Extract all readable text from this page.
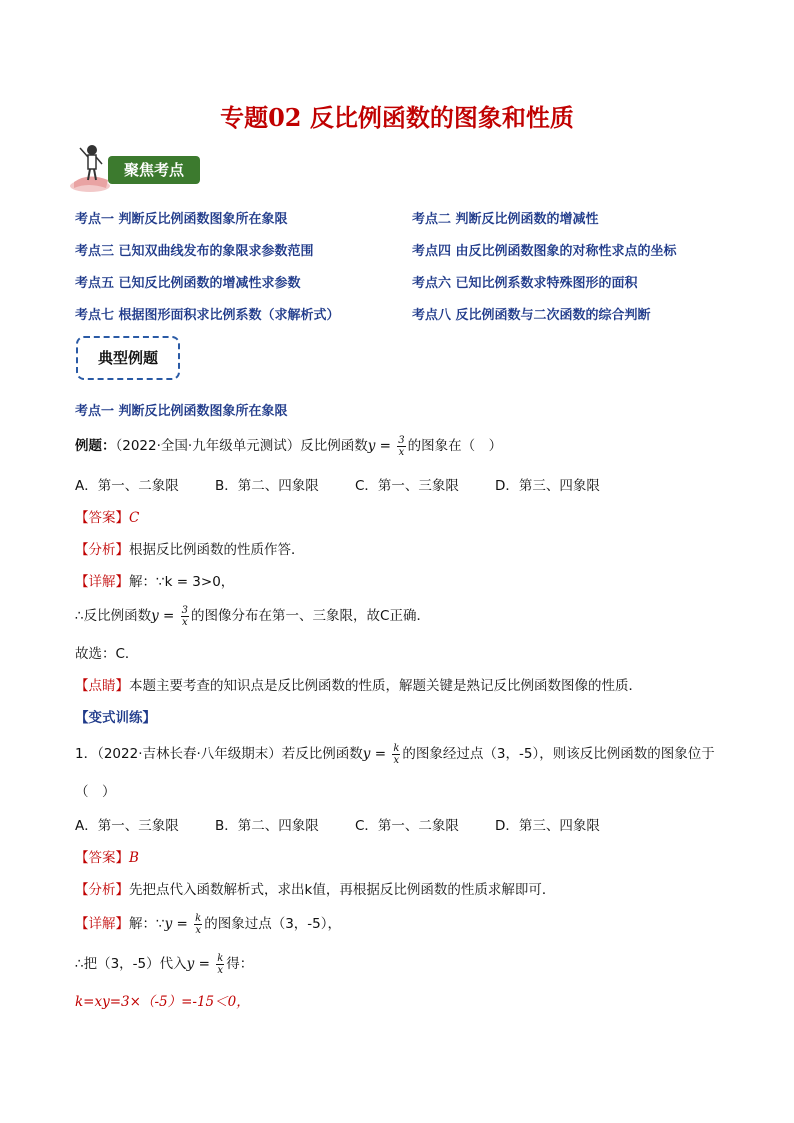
专题02 反比例函数的图象和性质
聚焦考点
考点一 判断反比例函数图象所在象限	考点二 判断反比例函数的增减性
考点三 已知双曲线发布的象限求参数范围	考点四 由反比例函数图象的对称性求点的坐标
考点五 已知反比例函数的增减性求参数	考点六 已知比例系数求特殊图形的面积
考点七 根据图形面积求比例系数（求解析式）	考点八 反比例函数与二次函数的综合判断
典型例题
考点一 判断反比例函数图象所在象限
例题：（2022·全国·九年级单元测试）反比例函数$y = \frac{3}{x}$ 的图象在（　）
A．第一、二象限	B．第二、四象限	C．第一、三象限	D．第三、四象限
【答案】C
【分析】根据反比例函数的性质作答．
【详解】解：∵k = 3>0，
∴反比例函数$y = \frac{3}{x}$ 的图像分布在第一、三象限，故C正确．
故选：C．
【点睛】本题主要考查的知识点是反比例函数的性质，解题关键是熟记反比例函数图像的性质．
【变式训练】
1．（2022·吉林长春·八年级期末）若反比例函数$y = \frac{k}{x}$ 的图象经过点（3，-5），则该反比例函数的图象位于
（　）
A．第一、三象限	B．第二、四象限	C．第一、二象限	D．第三、四象限
【答案】B
【分析】先把点代入函数解析式，求出k值，再根据反比例函数的性质求解即可．
【详解】解：∵y = $\frac{k}{x}$ 的图象过点（3，-5），
∴把（3，-5）代入$y = \frac{k}{x}$ 得：
k=xy=3×（-5）=-15＜0，
